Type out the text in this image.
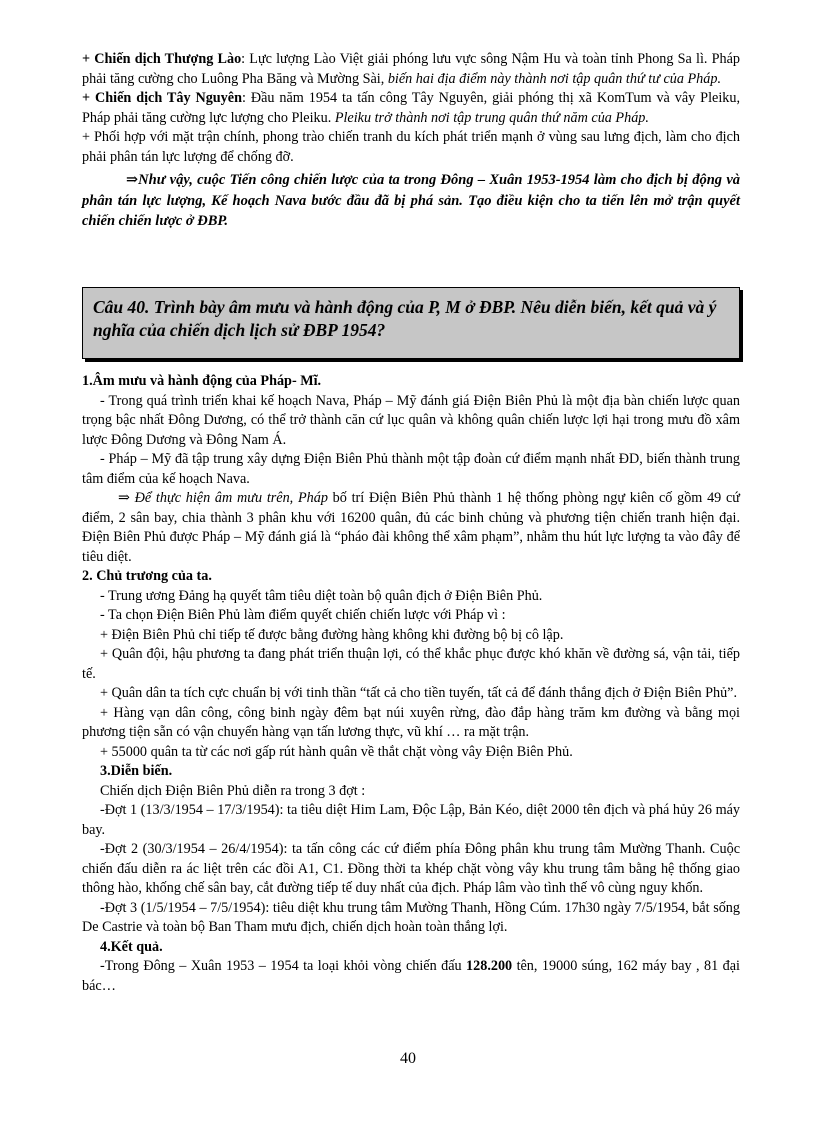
+ Chiến dịch Thượng Lào: Lực lượng Lào Việt giải phóng lưu vực sông Nậm Hu và toàn tỉnh Phong Sa lì. Pháp phải tăng cường cho Luông Pha Băng và Mường Sài, biến hai địa điểm này thành nơi tập quân thứ tư của Pháp.

+ Chiến dịch Tây Nguyên: Đầu năm 1954 ta tấn công Tây Nguyên, giải phóng thị xã KomTum và vây Pleiku, Pháp phải tăng cường lực lượng cho Pleiku. Pleiku trở thành nơi tập trung quân thứ năm của Pháp.

+ Phối hợp với mặt trận chính, phong trào chiến tranh du kích phát triển mạnh ở vùng sau lưng địch, làm cho địch phải phân tán lực lượng để chống đỡ.

⇒Như vậy, cuộc Tiến công chiến lược của ta trong Đông – Xuân 1953-1954 làm cho địch bị động và phân tán lực lượng, Kế hoạch Nava bước đầu đã bị phá sản. Tạo điều kiện cho ta tiến lên mở trận quyết chiến chiến lược ở ĐBP.

Câu 40. Trình bày âm mưu và hành động của P, M ở ĐBP. Nêu diễn biến, kết quả và ý nghĩa của chiến dịch lịch sử ĐBP 1954?

1.Âm mưu và hành động của Pháp- Mĩ.

- Trong quá trình triển khai kế hoạch Nava, Pháp – Mỹ đánh giá Điện Biên Phủ là một địa bàn chiến lược quan trọng bậc nhất Đông Dương, có thể trở thành căn cứ lục quân và không quân chiến lược lợi hại trong mưu đồ xâm lược Đông Dương và Đông Nam Á.

- Pháp – Mỹ đã tập trung xây dựng Điện Biên Phủ thành một tập đoàn cứ điểm mạnh nhất ĐD, biến thành trung tâm điểm của kế hoạch Nava.

⇒ Để thực hiện âm mưu trên, Pháp bố trí Điện Biên Phủ thành 1 hệ thống phòng ngự kiên cố gồm 49 cứ điểm, 2 sân bay, chia thành 3 phân khu với 16200 quân, đủ các binh chủng và phương tiện chiến tranh hiện đại. Điện Biên Phủ được Pháp – Mỹ đánh giá là “pháo đài không thể xâm phạm”, nhằm thu hút lực lượng ta vào đây để tiêu diệt.

2. Chủ trương của ta.

- Trung ương Đảng hạ quyết tâm tiêu diệt toàn bộ quân địch ở Điện Biên Phủ.

- Ta chọn Điện Biên Phủ làm điểm quyết chiến chiến lược với Pháp vì :

+ Điện Biên Phủ chỉ tiếp tế được bằng đường hàng không khi đường bộ bị cô lập.

+ Quân đội, hậu phương ta đang phát triển thuận lợi, có thể khắc phục được khó khăn về đường sá, vận tải, tiếp tế.

+ Quân dân ta tích cực chuẩn bị với tinh thần “tất cả cho tiền tuyến, tất cả để đánh thắng địch ở Điện Biên Phủ”.

+ Hàng vạn dân công, công binh ngày đêm bạt núi xuyên rừng, đào đắp hàng trăm km đường và bằng mọi phương tiện sẵn có vận chuyển hàng vạn tấn lương thực, vũ khí … ra mặt trận.

+ 55000 quân ta từ các nơi gấp rút hành quân về thắt chặt vòng vây Điện Biên Phủ.

3.Diễn biến.

Chiến dịch Điện Biên Phủ diễn ra trong 3 đợt :

-Đợt 1 (13/3/1954 – 17/3/1954): ta tiêu diệt Him Lam, Độc Lập, Bản Kéo, diệt 2000 tên địch và phá hủy 26 máy bay.

-Đợt 2 (30/3/1954 – 26/4/1954): ta tấn công các cứ điểm phía Đông phân khu trung tâm Mường Thanh. Cuộc chiến đấu diễn ra ác liệt trên các đồi A1, C1. Đồng thời ta khép chặt vòng vây khu trung tâm bằng hệ thống giao thông hào, khống chế sân bay, cắt đường tiếp tế duy nhất của địch. Pháp lâm vào tình thế vô cùng nguy khốn.

-Đợt 3 (1/5/1954 – 7/5/1954): tiêu diệt khu trung tâm Mường Thanh, Hồng Cúm. 17h30 ngày 7/5/1954, bắt sống De Castrie và toàn bộ Ban Tham mưu địch, chiến dịch hoàn toàn thắng lợi.

4.Kết quả.

-Trong Đông – Xuân 1953 – 1954 ta loại khỏi vòng chiến đấu 128.200 tên, 19000 súng, 162 máy bay , 81 đại bác…

40
